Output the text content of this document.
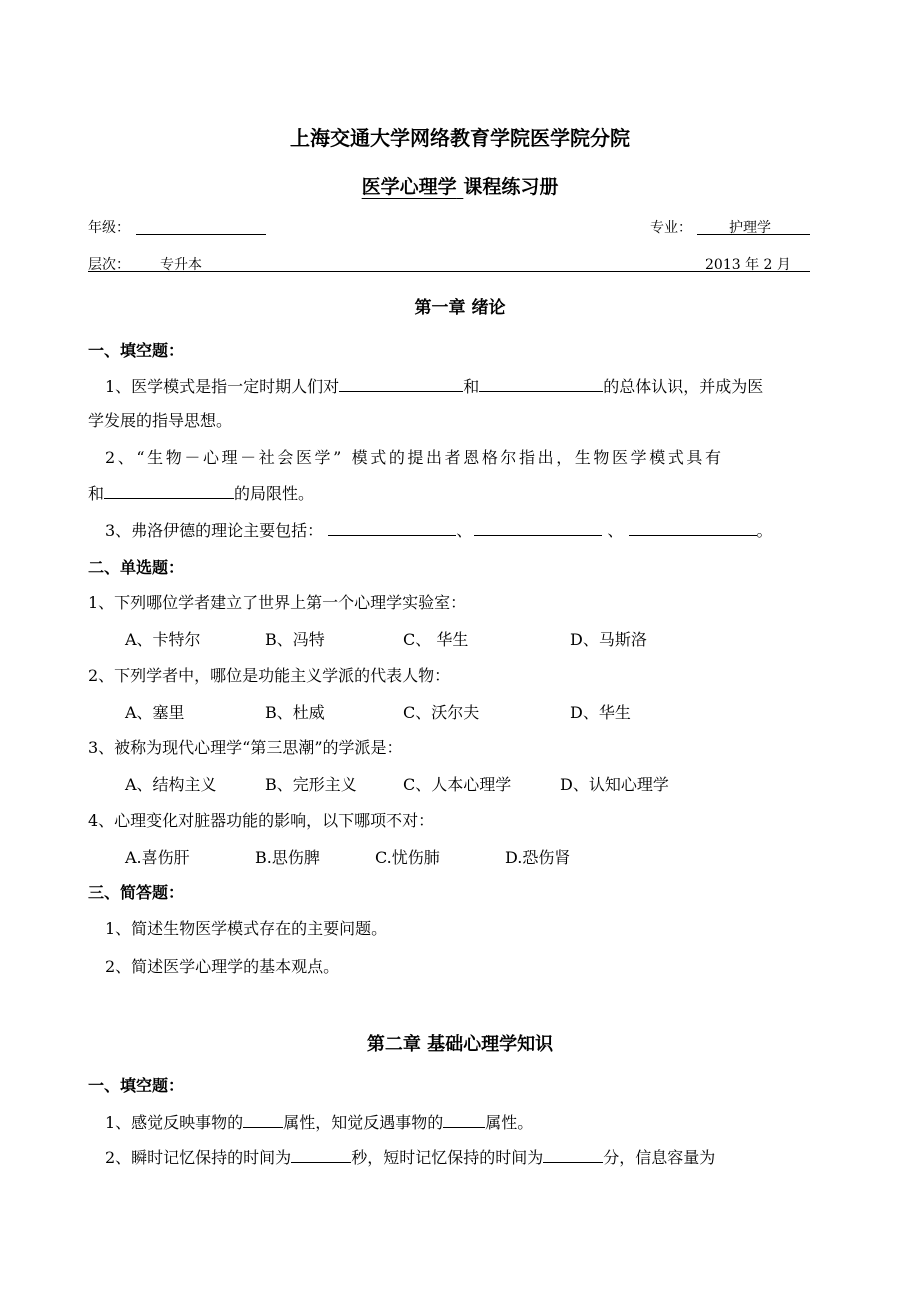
上海交通大学网络教育学院医学院分院
医学心理学 课程练习册
年级：	专业：	护理学
层次： 专升本	2013 年 2 月
第一章 绪论
一、填空题：
1、医学模式是指一定时期人们对	和	的总体认识，并成为医
学发展的指导思想。
2、“生物－心理－社会医学” 模式的提出者恩格尔指出，生物医学模式具有
和	的局限性。
3、弗洛伊德的理论主要包括：	、	、	。
二、单选题：
1、下列哪位学者建立了世界上第一个心理学实验室：
A、卡特尔	B、冯特	C、 华生	D、马斯洛
2、下列学者中，哪位是功能主义学派的代表人物：
A、塞里	B、杜威	C、沃尔夫	D、华生
3、被称为现代心理学“第三思潮”的学派是：
A、结构主义	B、完形主义	C、人本心理学	D、认知心理学
4、心理变化对脏器功能的影响，以下哪项不对：
A.喜伤肝	B.思伤脾	C.忧伤肺	D.恐伤肾
三、简答题：
1、简述生物医学模式存在的主要问题。
2、简述医学心理学的基本观点。
第二章 基础心理学知识
一、填空题：
1、感觉反映事物的	属性，知觉反遇事物的	属性。
2、瞬时记忆保持的时间为	秒，短时记忆保持的时间为	分，信息容量为
